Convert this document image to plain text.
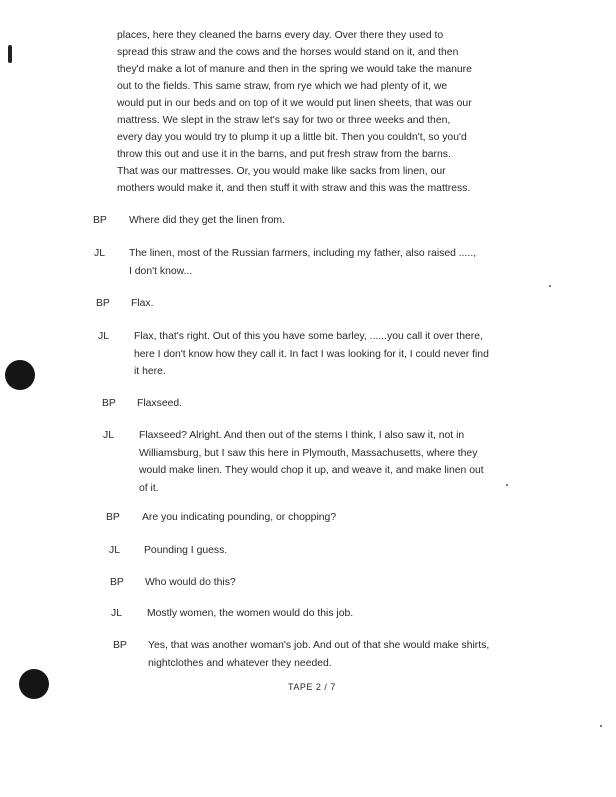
places, here they cleaned the barns every day. Over there they used to
spread this straw and the cows and the horses would stand on it, and then
they'd make a lot of manure and then in the spring we would take the manure
out to the fields. This same straw, from rye which we had plenty of it, we
would put in our beds and on top of it we would put linen sheets, that was our
mattress. We slept in the straw let's say for two or three weeks and then,
every day you would try to plump it up a little bit. Then you couldn't, so you'd
throw this out and use it in the barns, and put fresh straw from the barns.
That was our mattresses. Or, you would make like sacks from linen, our
mothers would make it, and then stuff it with straw and this was the mattress.
BP Where did they get the linen from.
JL The linen, most of the Russian farmers, including my father, also raised .....,
I don't know...
BP Flax.
JL Flax, that's right. Out of this you have some barley, ......you call it over there,
here I don't know how they call it. In fact I was looking for it, I could never find
it here.
BP Flaxseed.
JL Flaxseed? Alright. And then out of the stems I think, I also saw it, not in
Williamsburg, but I saw this here in Plymouth, Massachusetts, where they
would make linen. They would chop it up, and weave it, and make linen out
of it.
BP Are you indicating pounding, or chopping?
JL Pounding I guess.
BP Who would do this?
JL Mostly women, the women would do this job.
BP Yes, that was another woman's job. And out of that she would make shirts,
nightclothes and whatever they needed.
TAPE 2 / 7
